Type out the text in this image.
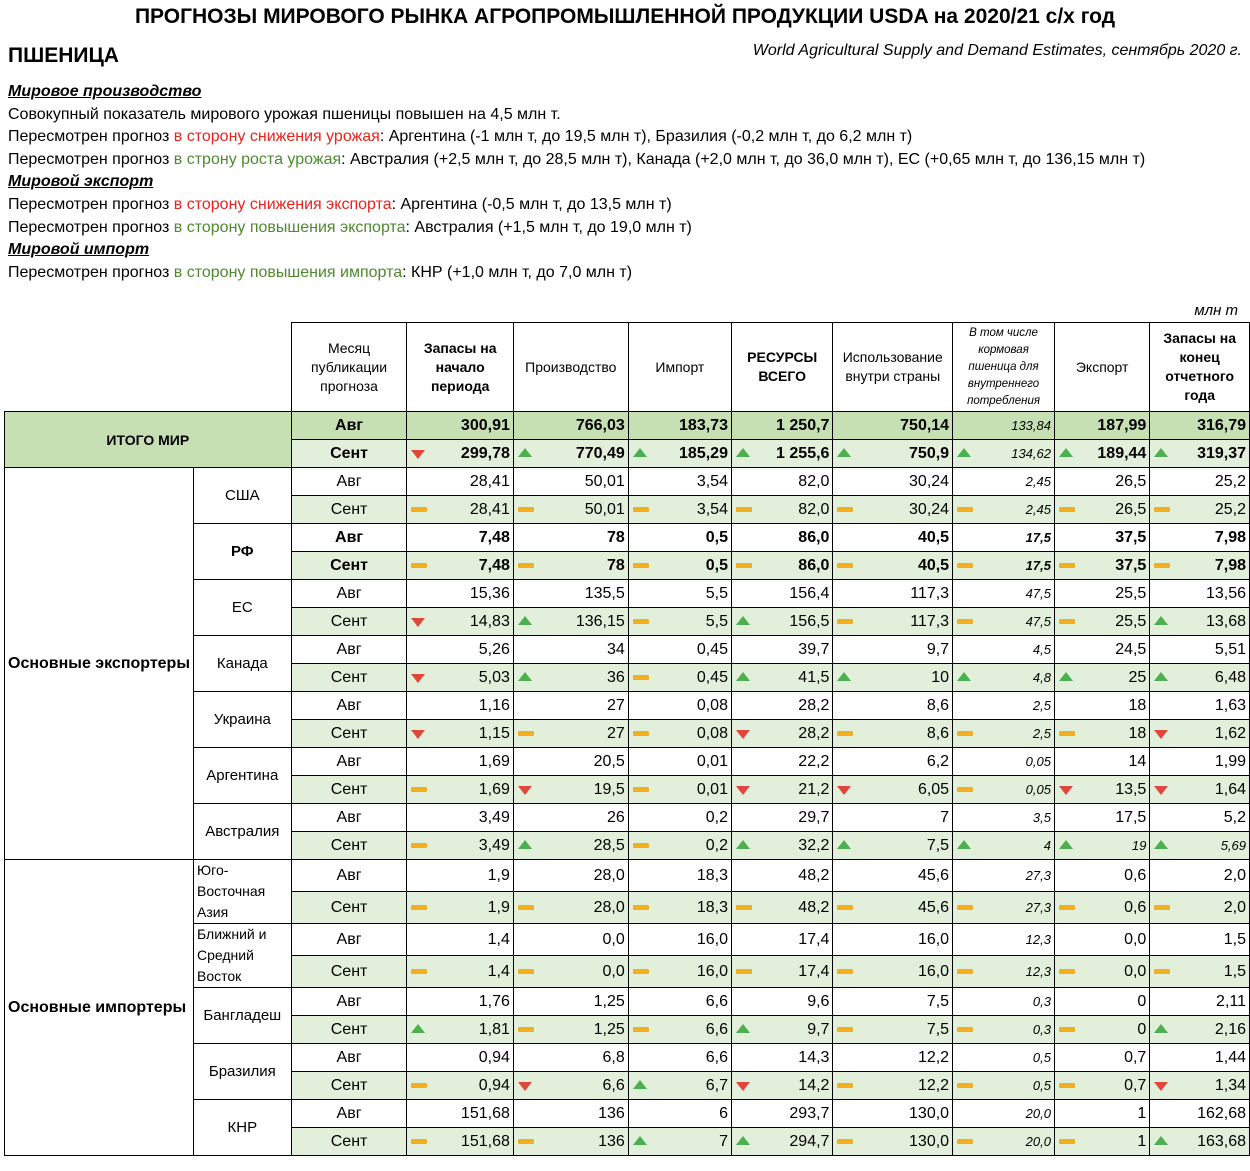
ПРОГНОЗЫ МИРОВОГО РЫНКА АГРОПРОМЫШЛЕННОЙ ПРОДУКЦИИ USDA на 2020/21 с/х год
ПШЕНИЦА	World Agricultural Supply and Demand Estimates, сентябрь 2020 г.
Мировое производство
Совокупный показатель мирового урожая пшеницы повышен на 4,5 млн т.
Пересмотрен прогноз в сторону снижения урожая: Аргентина (-1 млн т, до 19,5 млн т), Бразилия (-0,2 млн т, до 6,2 млн т)
Пересмотрен прогноз в строну роста урожая: Австралия (+2,5 млн т, до 28,5 млн т), Канада (+2,0 млн т, до 36,0 млн т), ЕС (+0,65 млн т, до 136,15 млн т)
Мировой экспорт
Пересмотрен прогноз в сторону снижения экспорта: Аргентина (-0,5 млн т, до 13,5 млн т)
Пересмотрен прогноз в сторону повышения экспорта: Австралия (+1,5 млн т, до 19,0 млн т)
Мировой импорт
Пересмотрен прогноз в сторону повышения импорта: КНР (+1,0 млн т, до 7,0 млн т)
млн т
		Месяц публикации прогноза	Запасы на начало периода	Производство	Импорт	РЕСУРСЫ ВСЕГО	Использование внутри страны	В том числе кормовая пшеница для внутреннего потребления	Экспорт	Запасы на конец отчетного года
ИТОГО МИР		Авг	300,91	766,03	183,73	1 250,7	750,14	133,84	187,99	316,79
		Сент	299,78	770,49	185,29	1 255,6	750,9	134,62	189,44	319,37
Основные экспортеры	США	Авг	28,41	50,01	3,54	82,0	30,24	2,45	26,5	25,2
		Сент	28,41	50,01	3,54	82,0	30,24	2,45	26,5	25,2
	РФ	Авг	7,48	78	0,5	86,0	40,5	17,5	37,5	7,98
		Сент	7,48	78	0,5	86,0	40,5	17,5	37,5	7,98
	ЕС	Авг	15,36	135,5	5,5	156,4	117,3	47,5	25,5	13,56
		Сент	14,83	136,15	5,5	156,5	117,3	47,5	25,5	13,68
	Канада	Авг	5,26	34	0,45	39,7	9,7	4,5	24,5	5,51
		Сент	5,03	36	0,45	41,5	10	4,8	25	6,48
	Украина	Авг	1,16	27	0,08	28,2	8,6	2,5	18	1,63
		Сент	1,15	27	0,08	28,2	8,6	2,5	18	1,62
	Аргентина	Авг	1,69	20,5	0,01	22,2	6,2	0,05	14	1,99
		Сент	1,69	19,5	0,01	21,2	6,05	0,05	13,5	1,64
	Австралия	Авг	3,49	26	0,2	29,7	7	3,5	17,5	5,2
		Сент	3,49	28,5	0,2	32,2	7,5	4	19	5,69
Основные импортеры	Юго-Восточная Азия	Авг	1,9	28,0	18,3	48,2	45,6	27,3	0,6	2,0
		Сент	1,9	28,0	18,3	48,2	45,6	27,3	0,6	2,0
	Ближний и Средний Восток	Авг	1,4	0,0	16,0	17,4	16,0	12,3	0,0	1,5
		Сент	1,4	0,0	16,0	17,4	16,0	12,3	0,0	1,5
	Бангладеш	Авг	1,76	1,25	6,6	9,6	7,5	0,3	0	2,11
		Сент	1,81	1,25	6,6	9,7	7,5	0,3	0	2,16
	Бразилия	Авг	0,94	6,8	6,6	14,3	12,2	0,5	0,7	1,44
		Сент	0,94	6,6	6,7	14,2	12,2	0,5	0,7	1,34
	КНР	Авг	151,68	136	6	293,7	130,0	20,0	1	162,68
		Сент	151,68	136	7	294,7	130,0	20,0	1	163,68
